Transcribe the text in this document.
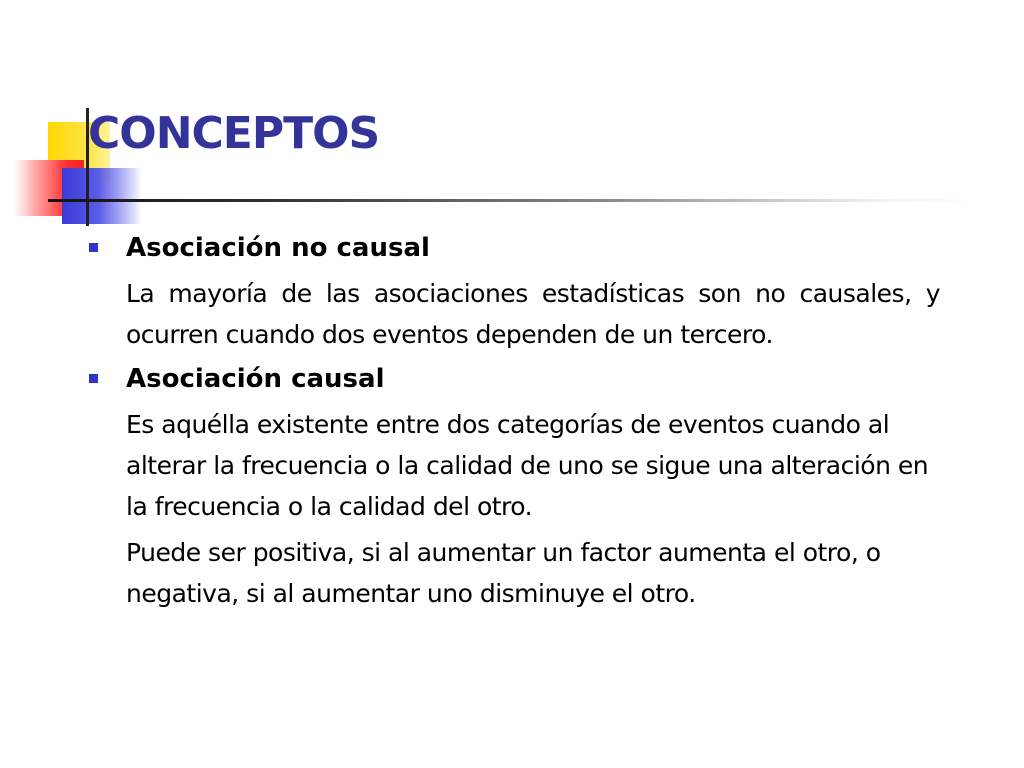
CONCEPTOS

Asociación no causal

La mayoría de las asociaciones estadísticas son no causales, y ocurren cuando dos eventos dependen de un tercero.

Asociación causal

Es aquélla existente entre dos categorías de eventos cuando al alterar la frecuencia o la calidad de uno se sigue una alteración en la frecuencia o la calidad del otro.

Puede ser positiva, si al aumentar un factor aumenta el otro, o negativa, si al aumentar uno disminuye el otro.
